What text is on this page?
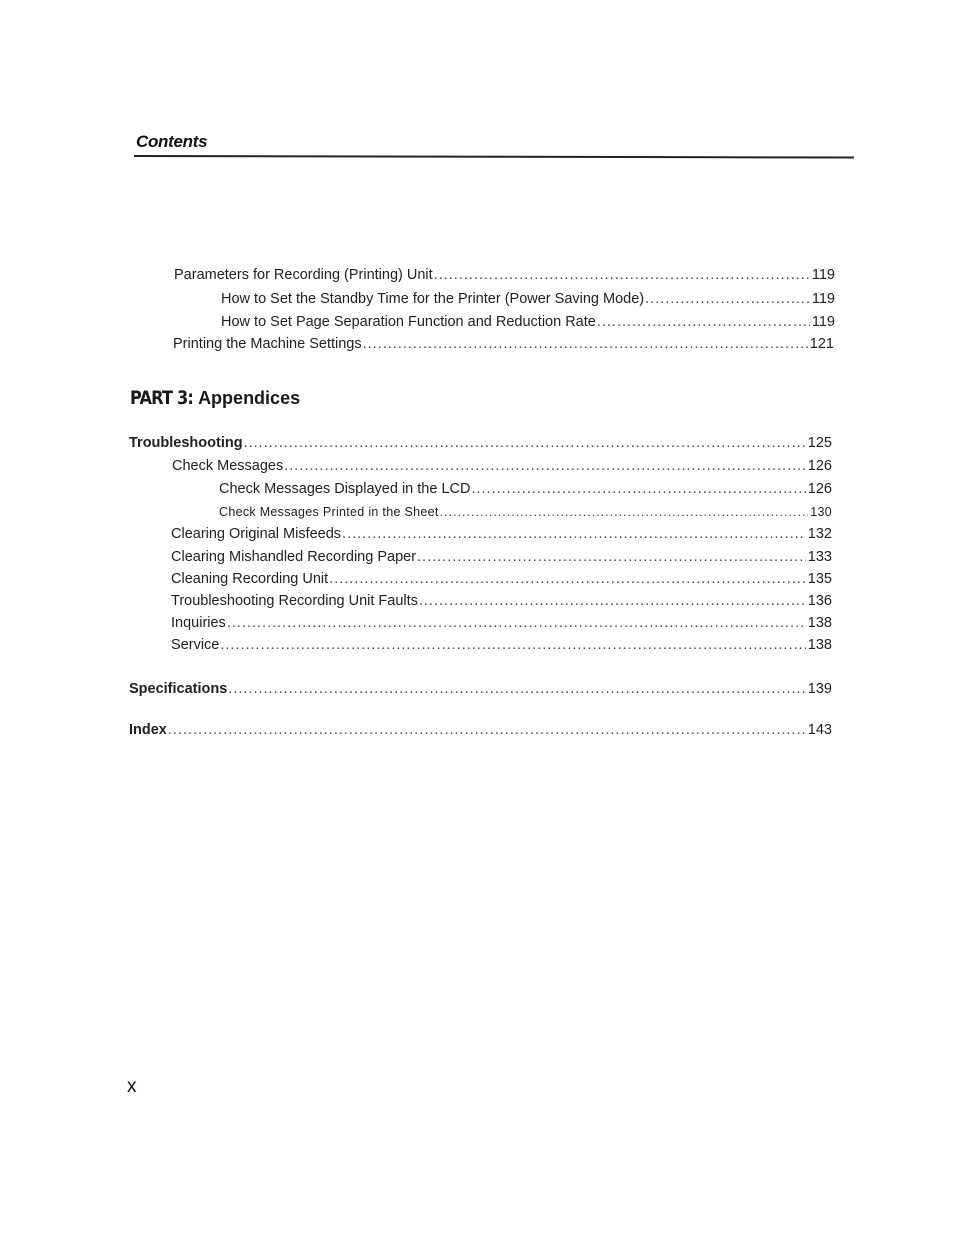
Contents
Parameters for Recording (Printing) Unit .....	119
How to Set the Standby Time for the Printer (Power Saving Mode) .....	119
How to Set Page Separation Function and Reduction Rate .....	119
Printing the Machine Settings .....	121
PART 3: Appendices
Troubleshooting .....	125
Check Messages .....	126
Check Messages Displayed in the LCD .....	126
Check Messages Printed in the Sheet .....	130
Clearing Original Misfeeds .....	132
Clearing Mishandled Recording Paper .....	133
Cleaning Recording Unit .....	135
Troubleshooting Recording Unit Faults .....	136
Inquiries .....	138
Service .....	138
Specifications .....	139
Index .....	143
x
